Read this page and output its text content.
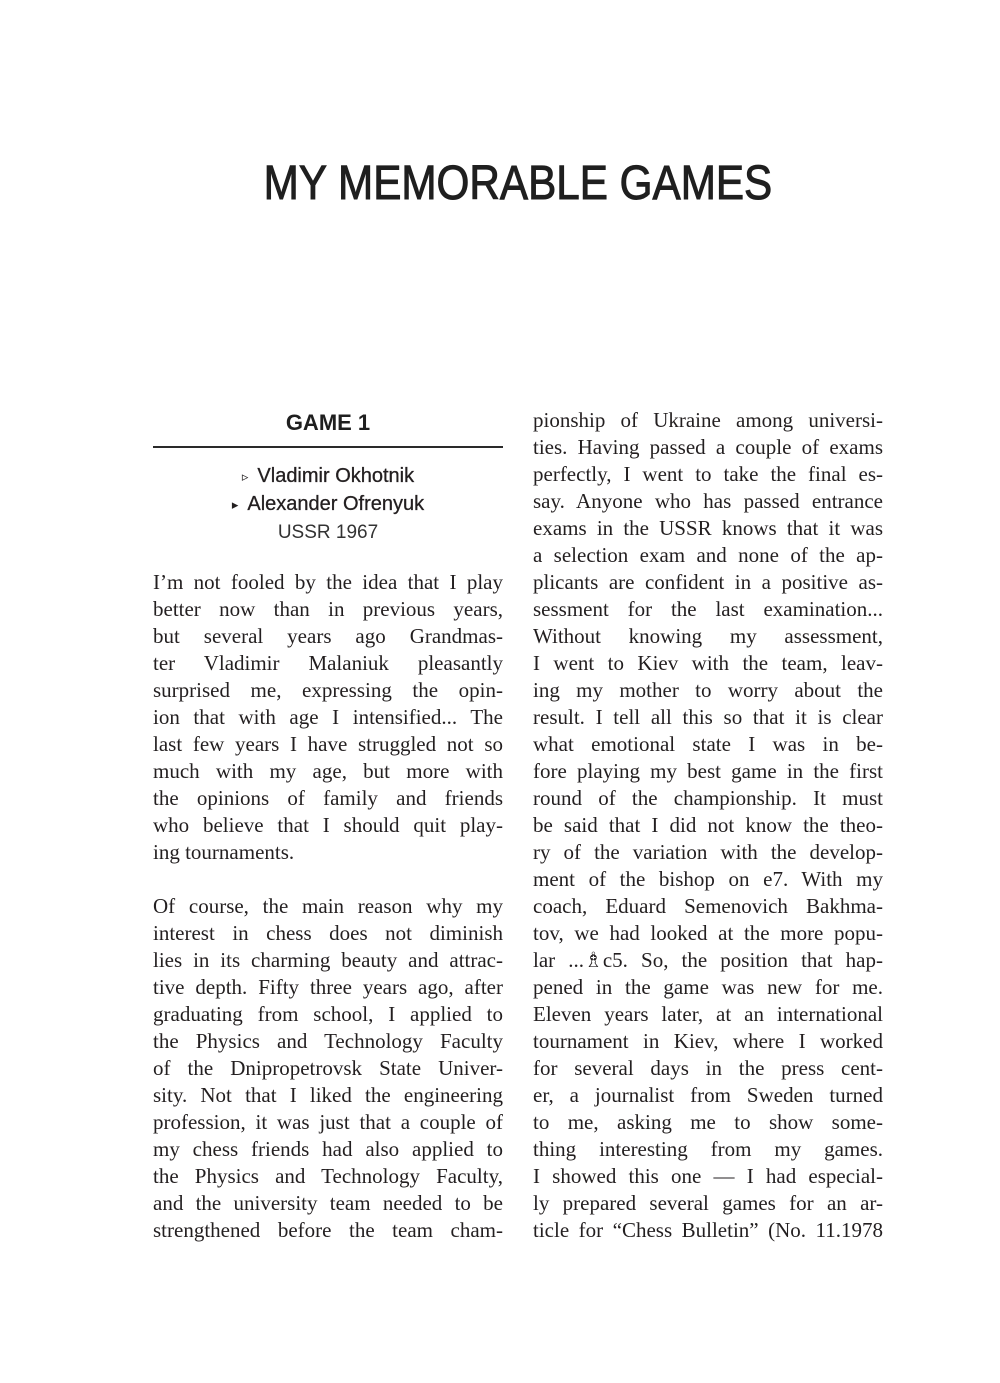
MY MEMORABLE GAMES
GAME 1
▹Vladimir Okhotnik
▸Alexander Ofrenyuk
USSR 1967
I’m not fooled by the idea that I play
better now than in previous years,
but several years ago Grandmas-
ter Vladimir Malaniuk pleasantly
surprised me, expressing the opin-
ion that with age I intensified... The
last few years I have struggled not so
much with my age, but more with
the opinions of family and friends
who believe that I should quit play-
ing tournaments.
Of course, the main reason why my
interest in chess does not diminish
lies in its charming beauty and attrac-
tive depth. Fifty three years ago, after
graduating from school, I applied to
the Physics and Technology Faculty
of the Dnipropetrovsk State Univer-
sity. Not that I liked the engineering
profession, it was just that a couple of
my chess friends had also applied to
the Physics and Technology Faculty,
and the university team needed to be
strengthened before the team cham-
pionship of Ukraine among universi-
ties. Having passed a couple of exams
perfectly, I went to take the final es-
say. Anyone who has passed entrance
exams in the USSR knows that it was
a selection exam and none of the ap-
plicants are confident in a positive as-
sessment for the last examination...
Without knowing my assessment,
I went to Kiev with the team, leav-
ing my mother to worry about the
result. I tell all this so that it is clear
what emotional state I was in be-
fore playing my best game in the first
round of the championship. It must
be said that I did not know the theo-
ry of the variation with the develop-
ment of the bishop on e7. With my
coach, Eduard Semenovich Bakhma-
tov, we had looked at the more popu-
lar ...♗c5. So, the position that hap-
pened in the game was new for me.
Eleven years later, at an international
tournament in Kiev, where I worked
for several days in the press cent-
er, a journalist from Sweden turned
to me, asking me to show some-
thing interesting from my games.
I showed this one — I had especial-
ly prepared several games for an ar-
ticle for “Chess Bulletin” (No. 11.1978
